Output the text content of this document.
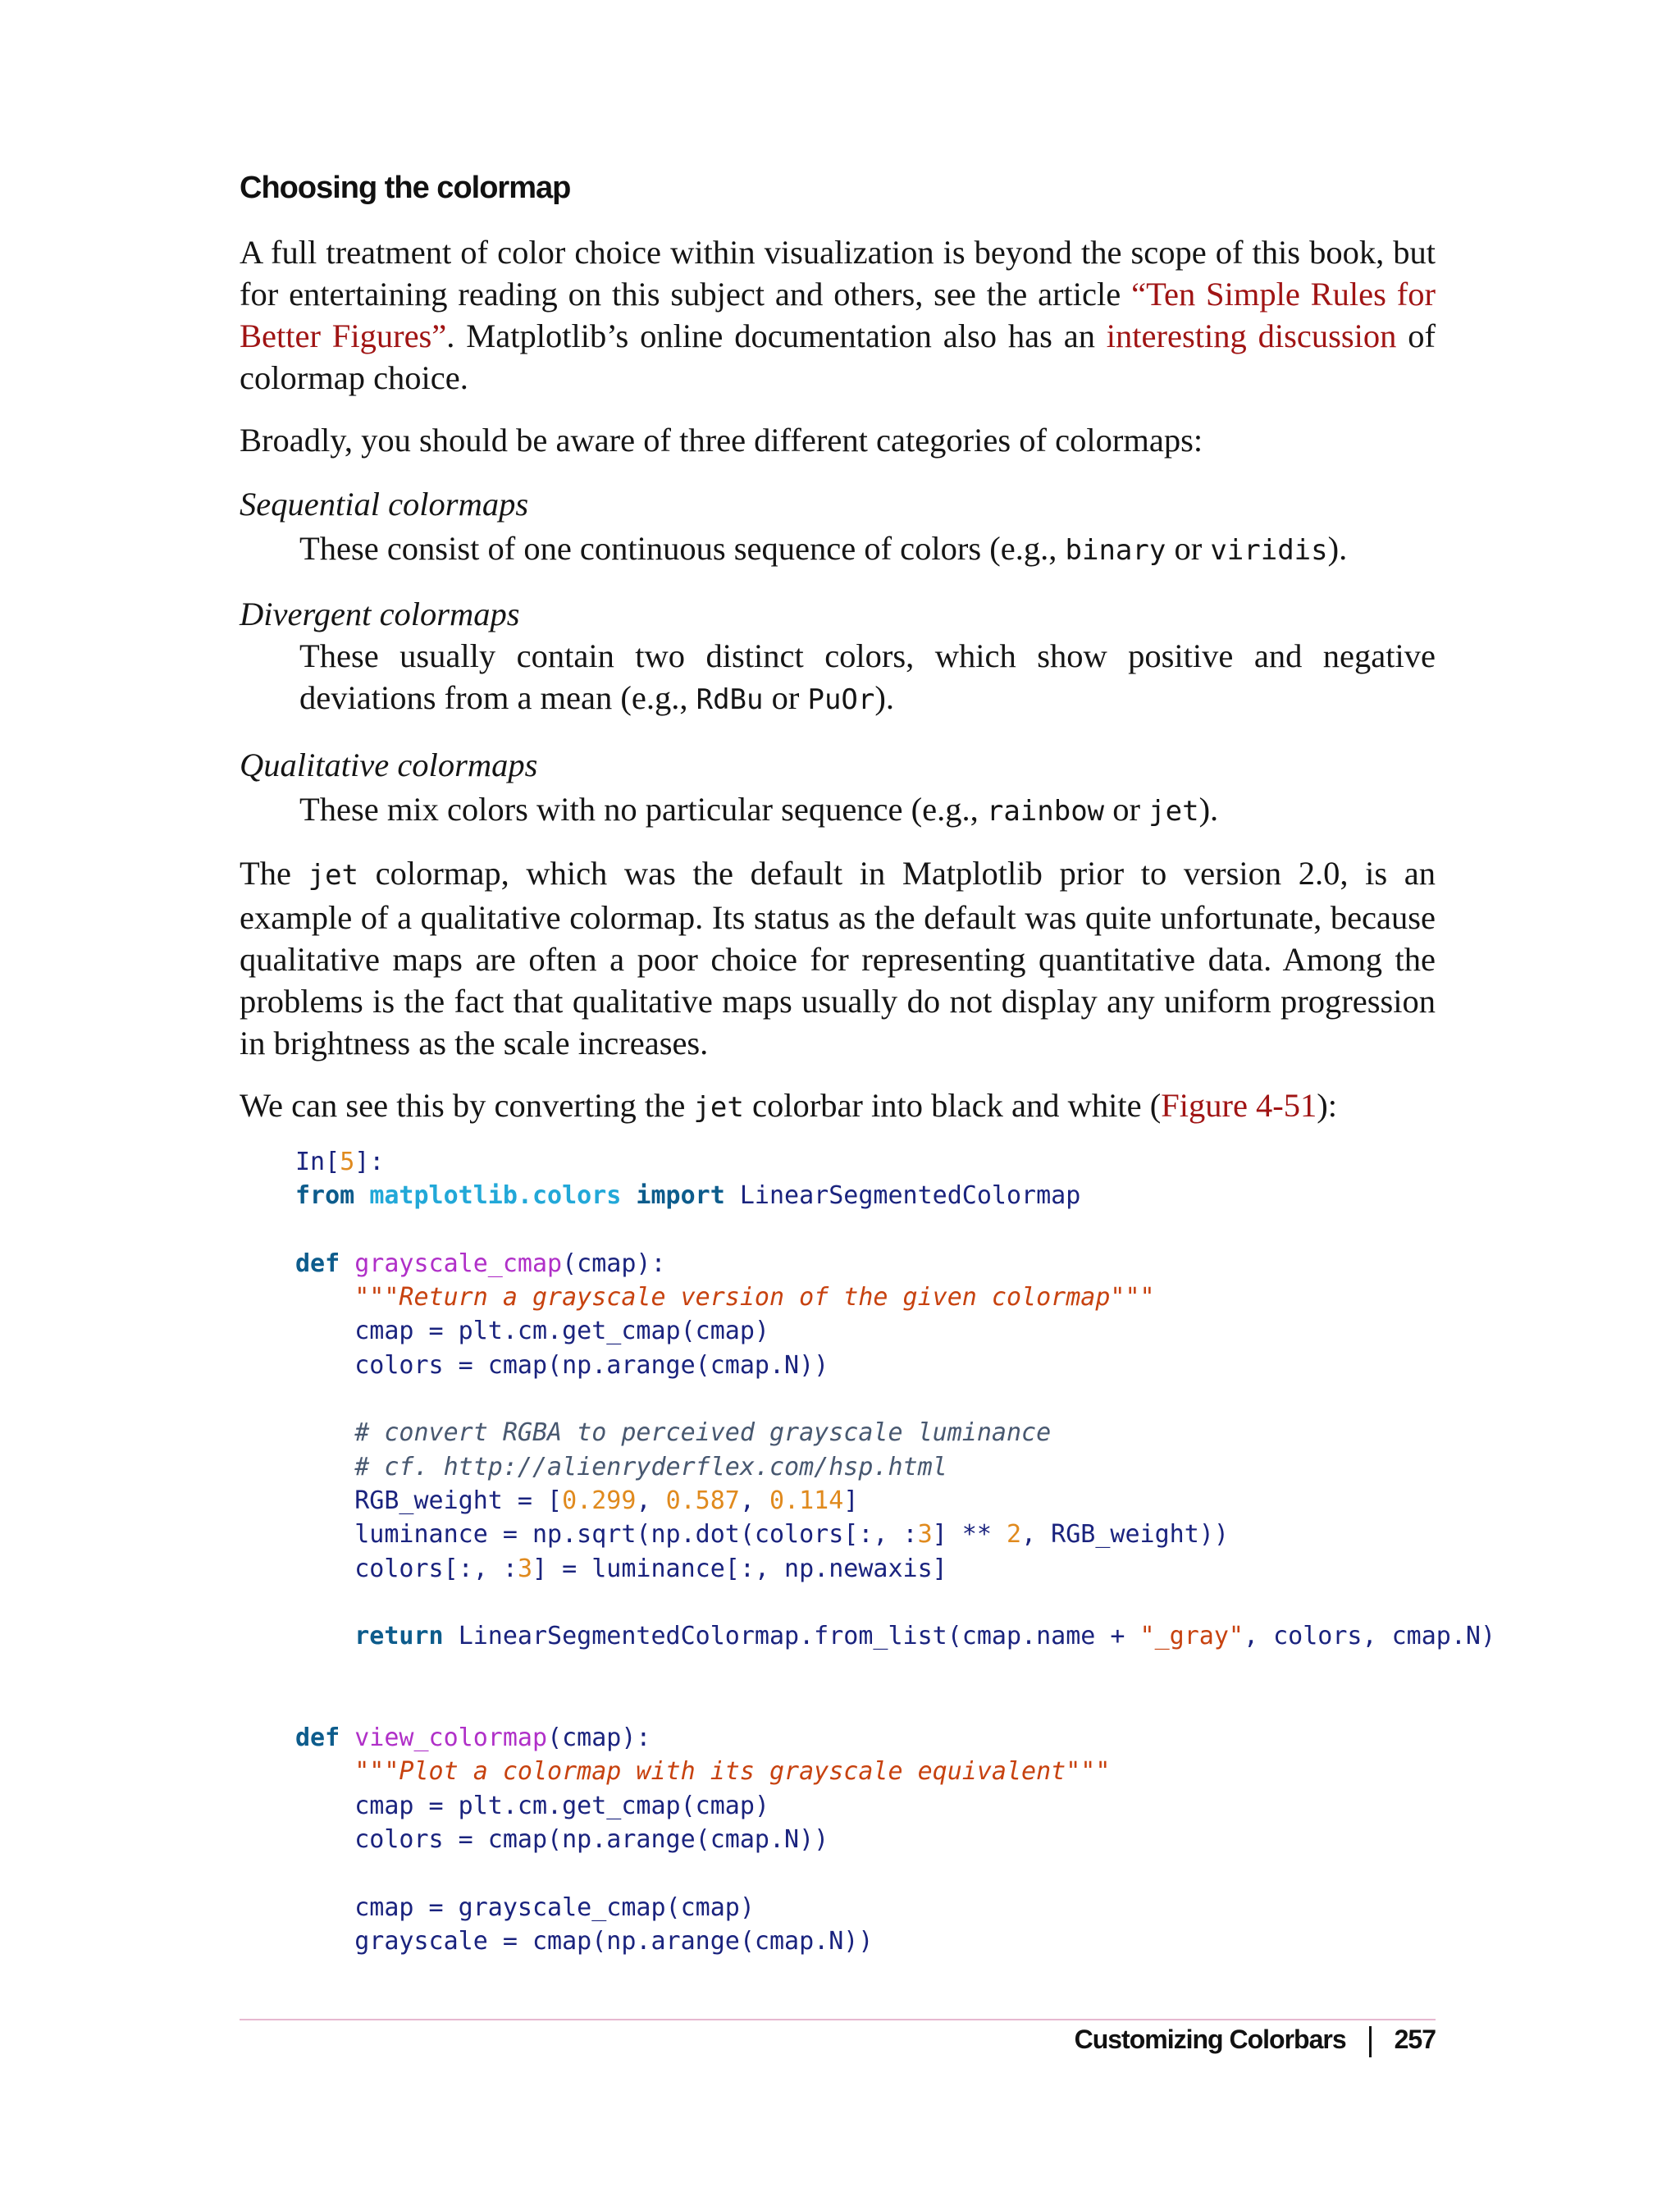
Choosing the colormap

A full treatment of color choice within visualization is beyond the scope of this book, but for entertaining reading on this subject and others, see the article “Ten Simple Rules for Better Figures”. Matplotlib’s online documentation also has an interesting discussion of colormap choice.

Broadly, you should be aware of three different categories of colormaps:

Sequential colormaps

These consist of one continuous sequence of colors (e.g., binary or viridis).

Divergent colormaps

These usually contain two distinct colors, which show positive and negative deviations from a mean (e.g., RdBu or PuOr).

Qualitative colormaps

These mix colors with no particular sequence (e.g., rainbow or jet).

The jet colormap, which was the default in Matplotlib prior to version 2.0, is an example of a qualitative colormap. Its status as the default was quite unfortunate, because qualitative maps are often a poor choice for representing quantitative data. Among the problems is the fact that qualitative maps usually do not display any uniform progression in brightness as the scale increases.

We can see this by converting the jet colorbar into black and white (Figure 4-51):

In[5]:
from matplotlib.colors import LinearSegmentedColormap

def grayscale_cmap(cmap):
"""Return a grayscale version of the given colormap"""
cmap = plt.cm.get_cmap(cmap)
colors = cmap(np.arange(cmap.N))

# convert RGBA to perceived grayscale luminance
# cf. http://alienryderflex.com/hsp.html
RGB_weight = [0.299, 0.587, 0.114]
luminance = np.sqrt(np.dot(colors[:, :3] ** 2, RGB_weight))
colors[:, :3] = luminance[:, np.newaxis]

return LinearSegmentedColormap.from_list(cmap.name + "_gray", colors, cmap.N)

def view_colormap(cmap):
"""Plot a colormap with its grayscale equivalent"""
cmap = plt.cm.get_cmap(cmap)
colors = cmap(np.arange(cmap.N))

cmap = grayscale_cmap(cmap)
grayscale = cmap(np.arange(cmap.N))
Customizing Colorbars 257
